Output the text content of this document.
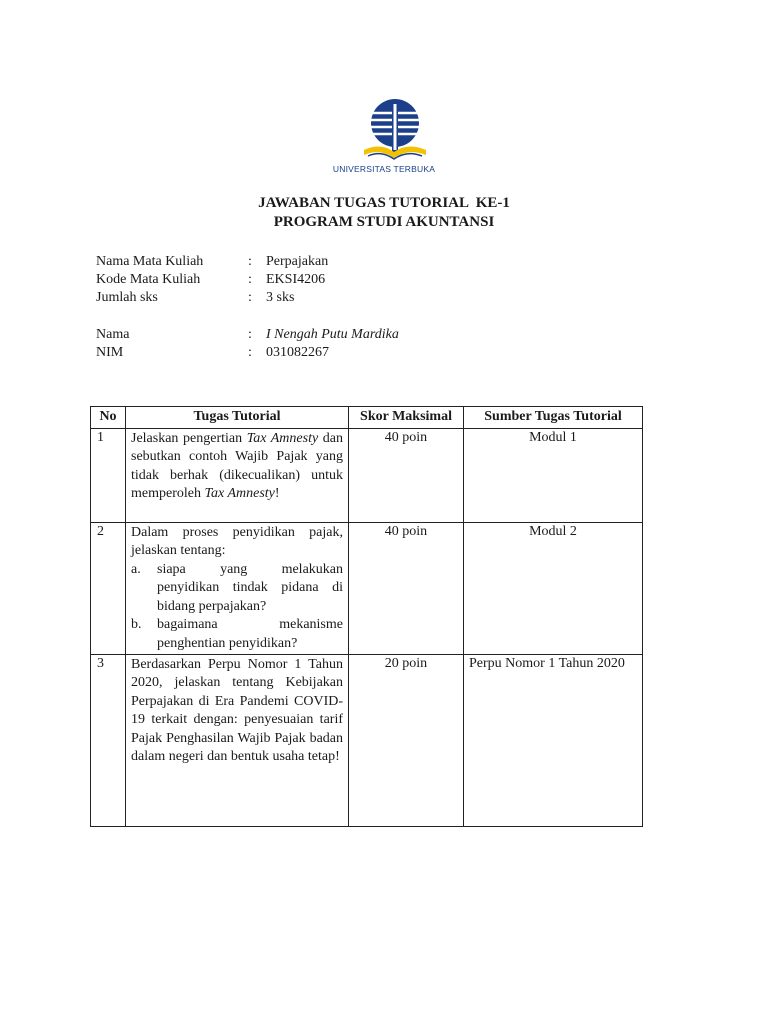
UNIVERSITAS TERBUKA
JAWABAN TUGAS TUTORIAL  KE-1
PROGRAM STUDI AKUNTANSI
Nama Mata Kuliah	: Perpajakan
Kode Mata Kuliah	: EKSI4206
Jumlah sks	: 3 sks
Nama	: I Nengah Putu Mardika
NIM	: 031082267
No	Tugas Tutorial	Skor Maksimal	Sumber Tugas Tutorial
1	Jelaskan pengertian Tax Amnesty dan sebutkan contoh Wajib Pajak yang tidak berhak (dikecualikan) untuk memperoleh Tax Amnesty!	40 poin	Modul 1
2	Dalam proses penyidikan pajak, jelaskan tentang:
a. siapa yang melakukan penyidikan tindak pidana di bidang perpajakan?
b. bagaimana mekanisme penghentian penyidikan?	40 poin	Modul 2
3	Berdasarkan Perpu Nomor 1 Tahun 2020, jelaskan tentang Kebijakan Perpajakan di Era Pandemi COVID-19 terkait dengan: penyesuaian tarif Pajak Penghasilan Wajib Pajak badan dalam negeri dan bentuk usaha tetap!	20 poin	Perpu Nomor 1 Tahun 2020
